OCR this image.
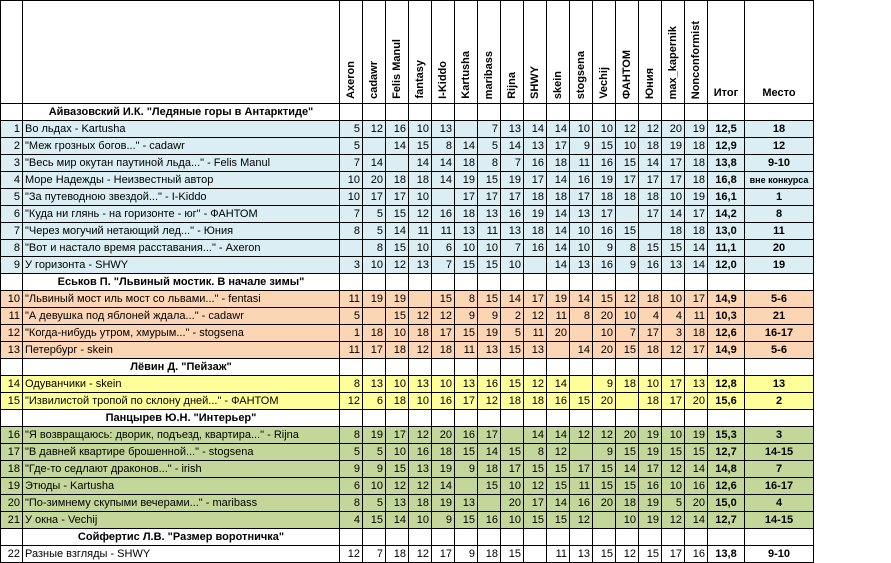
		Axeron	cadawr	Felis Manul	fantasy	I-Kiddo	Kartusha	maribass	Rijna	SHWY	skein	stogsena	Vechij	ФАНТОМ	Юния	max_kapernik	Nonconformist	Итог	Место
	Айвазовский И.К. "Ледяные горы в Антарктиде"																		
1	Во льдах - Kartusha	5	12	16	10	13		7	13	14	14	10	10	12	12	20	19	12,5	18
2	"Меж грозных богов..." - cadawr	5		14	15	8	14	5	14	13	17	9	15	10	18	19	18	12,9	12
3	"Весь мир окутан паутиной льда..." - Felis Manul	7	14		14	14	18	8	7	16	18	11	16	15	14	17	18	13,8	9-10
4	Море Надежды - Неизвестный автор	10	20	18	18	14	19	15	19	17	14	16	19	17	17	17	18	16,8	вне конкурса
5	"За путеводною звездой..." - I-Kiddo	10	17	17	10		17	17	17	18	18	17	18	18	18	10	19	16,1	1
6	"Куда ни глянь - на горизонте - юг" - ФАНТОМ	7	5	15	12	16	18	13	16	19	14	13	17		17	14	17	14,2	8
7	"Через могучий нетающий лед..." - Юния	8	5	14	11	11	13	11	13	18	14	10	16	15		18	18	13,0	11
8	"Вот и настало время расставания..." - Axeron		8	15	10	6	10	10	7	16	14	10	9	8	15	15	14	11,1	20
9	У горизонта - SHWY	3	10	12	13	7	15	15	10		14	13	16	9	16	13	14	12,0	19
	Еськов П. "Львиный мостик. В начале зимы"																		
10	"Львиный мост иль мост со львами..." - fentasi	11	19	19		15	8	15	14	17	19	14	15	12	18	10	17	14,9	5-6
11	"А девушка под яблоней ждала..." - cadawr	5		15	12	12	9	9	2	12	11	8	20	10	4	4	11	10,3	21
12	"Когда-нибудь утром, хмурым..." - stogsena	1	18	10	18	17	15	19	5	11	20		10	7	17	3	18	12,6	16-17
13	Петербург - skein	11	17	18	12	18	11	13	15	13		14	20	15	18	12	17	14,9	5-6
	Лёвин Д. "Пейзаж"																		
14	Одуванчики - skein	8	13	10	13	10	13	16	15	12	14		9	18	10	17	13	12,8	13
15	"Извилистой тропой по склону дней..." - ФАНТОМ	12	6	18	10	16	17	12	18	18	16	15	20		18	17	20	15,6	2
	Панцырев Ю.Н. "Интерьер"																		
16	"Я возвращаюсь: дворик, подъезд, квартира..." - Rijna	8	19	17	12	20	16	17		14	14	12	12	20	19	10	19	15,3	3
17	"В давней квартире брошенной..." - stogsena	5	5	10	16	18	15	14	15	8	12		9	15	19	15	15	12,7	14-15
18	"Где-то седлают драконов..." - irish	9	9	15	13	19	9	18	17	15	15	17	15	14	17	12	14	14,8	7
19	Этюды - Kartusha	6	10	12	12	14		15	10	12	15	11	15	15	16	10	16	12,6	16-17
20	"По-зимнему скупыми вечерами..." - maribass	8	5	13	18	19	13		20	17	14	16	20	18	19	5	20	15,0	4
21	У окна - Vechij	4	15	14	10	9	15	16	10	15	15	12		10	19	12	14	12,7	14-15
	Сойфертис Л.В. "Размер воротничка"																		
22	Разные взгляды - SHWY	12	7	18	12	17	9	18	15		11	13	15	12	15	17	16	13,8	9-10
